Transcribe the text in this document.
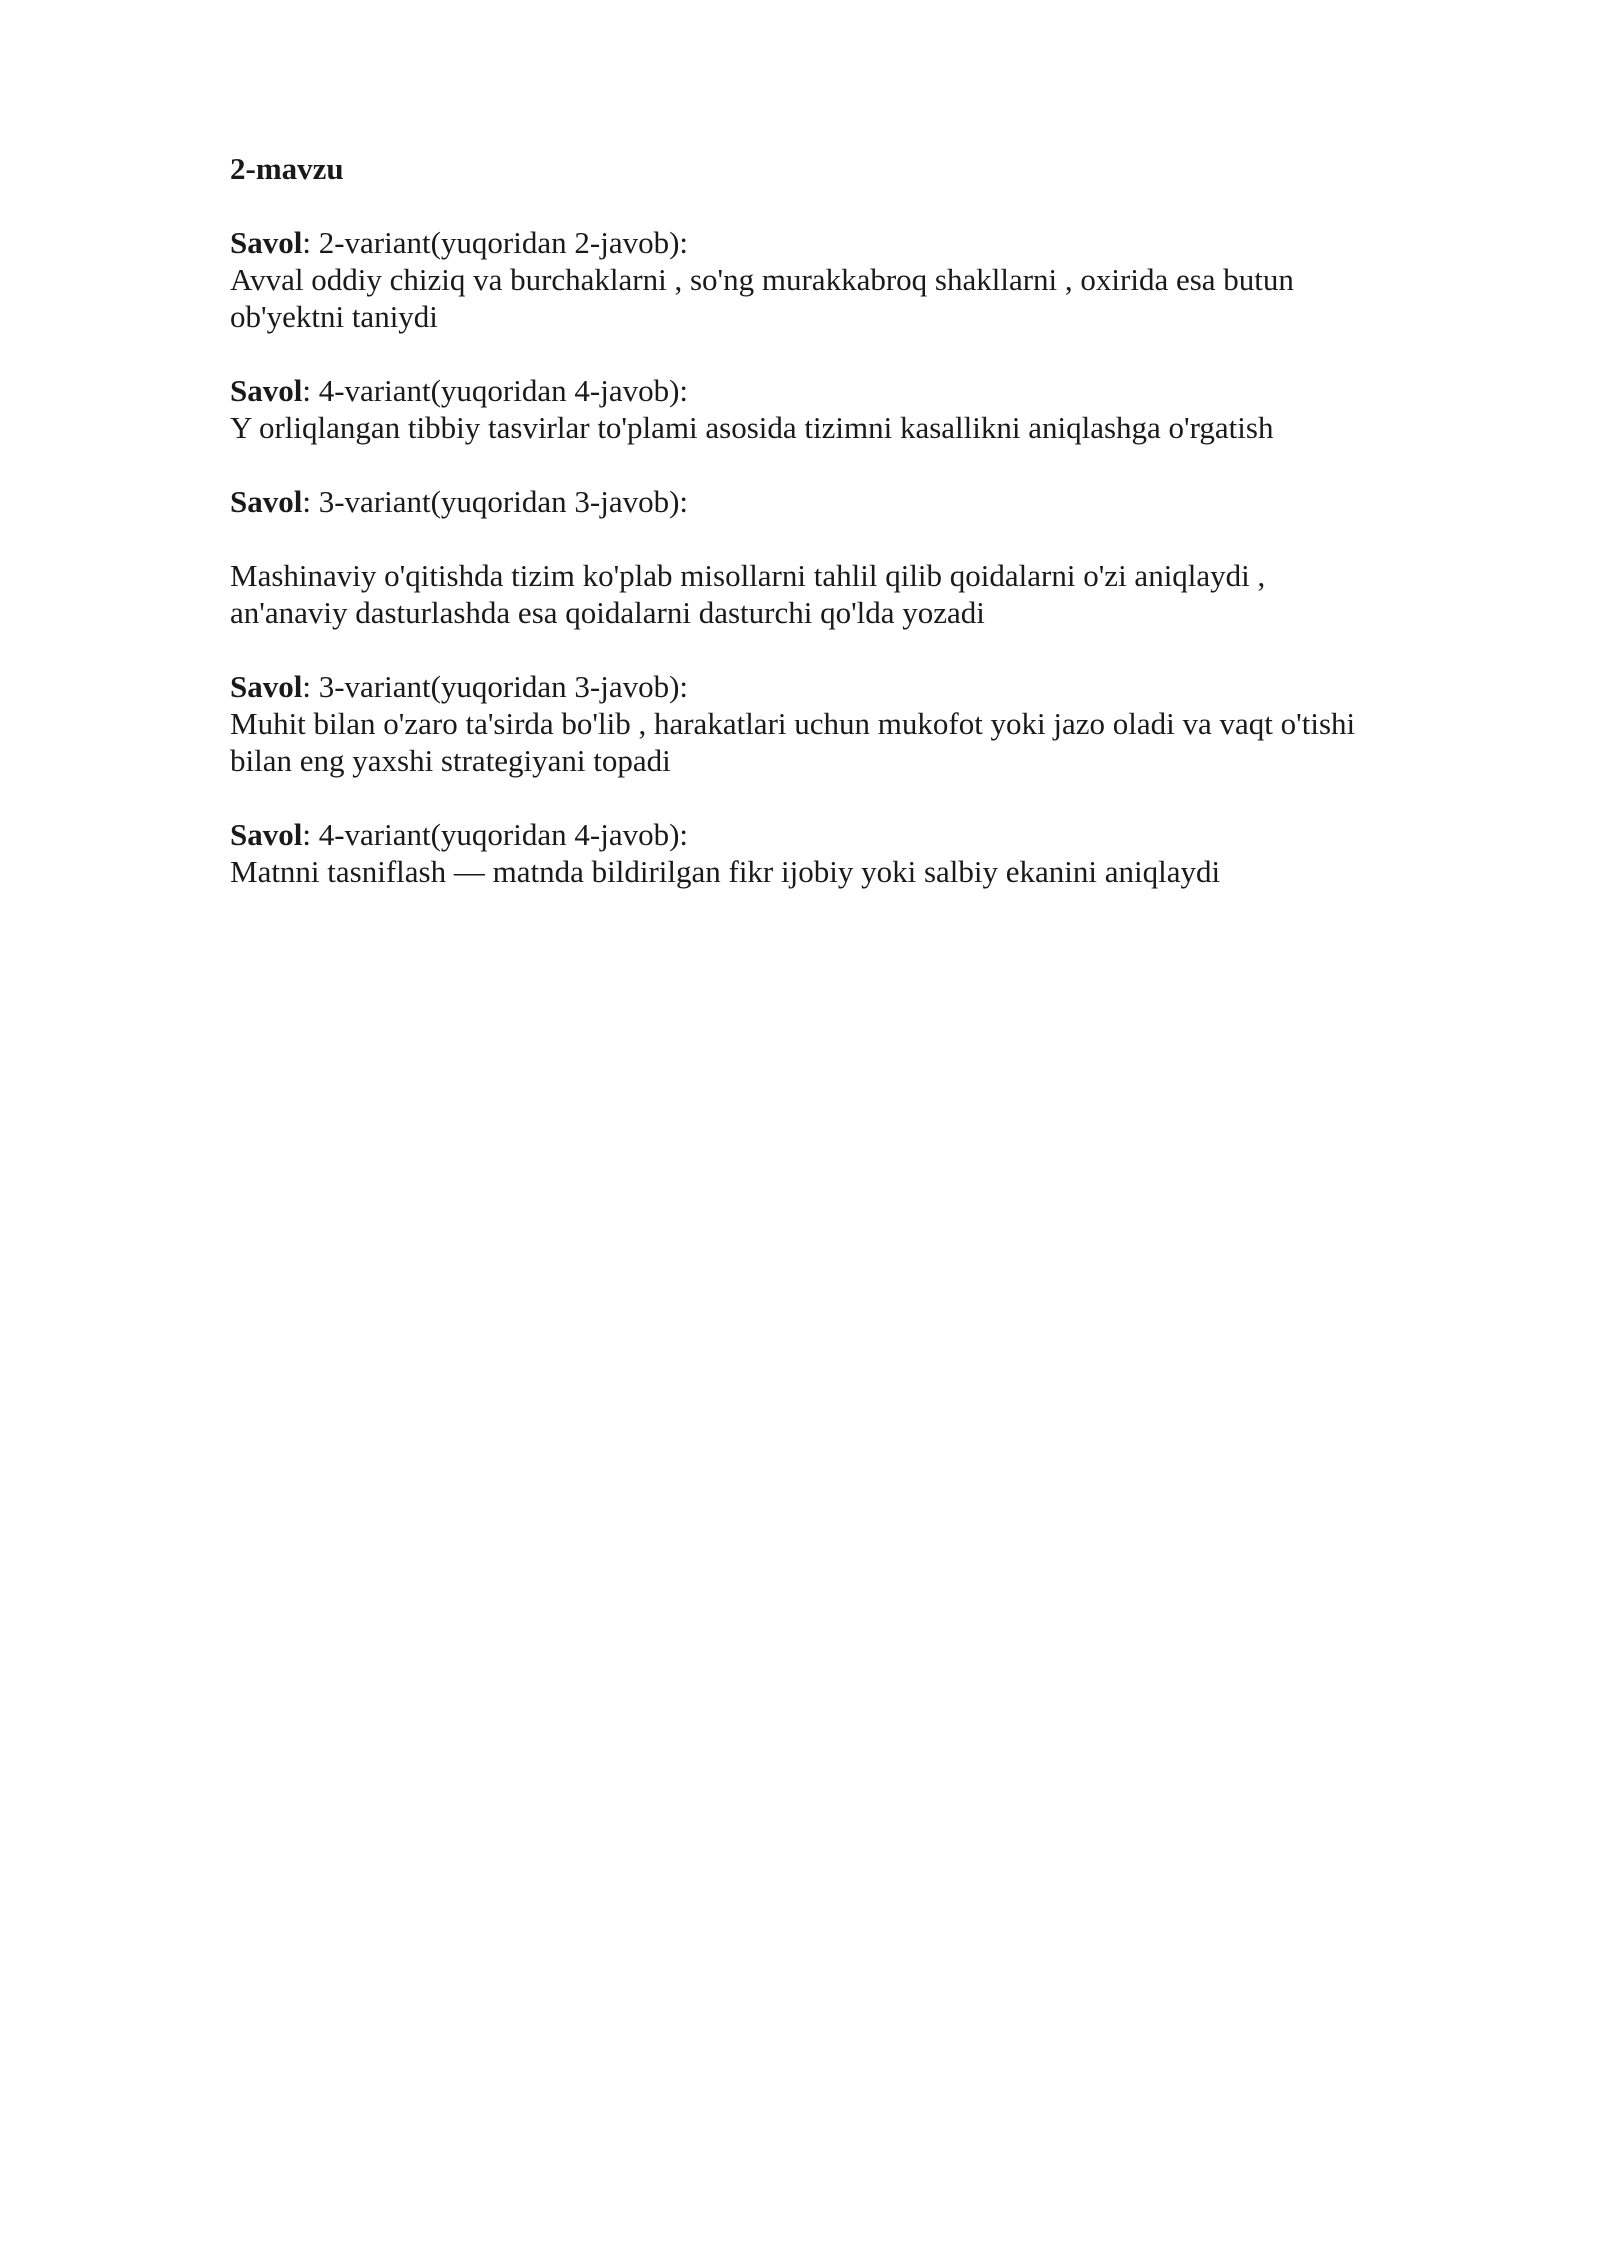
2-mavzu

Savol: 2-variant(yuqoridan 2-javob):

Avval oddiy chiziq va burchaklarni , so'ng murakkabroq shakllarni , oxirida esa butun ob'yektni taniydi

Savol: 4-variant(yuqoridan 4-javob):

Y orliqlangan tibbiy tasvirlar to'plami asosida tizimni kasallikni aniqlashga o'rgatish

Savol: 3-variant(yuqoridan 3-javob):

Mashinaviy o'qitishda tizim ko'plab misollarni tahlil qilib qoidalarni o'zi aniqlaydi , an'anaviy dasturlashda esa qoidalarni dasturchi qo'lda yozadi

Savol: 3-variant(yuqoridan 3-javob):

Muhit bilan o'zaro ta'sirda bo'lib , harakatlari uchun mukofot yoki jazo oladi va vaqt o'tishi bilan eng yaxshi strategiyani topadi

Savol: 4-variant(yuqoridan 4-javob):

Matnni tasniflash — matnda bildirilgan fikr ijobiy yoki salbiy ekanini aniqlaydi
